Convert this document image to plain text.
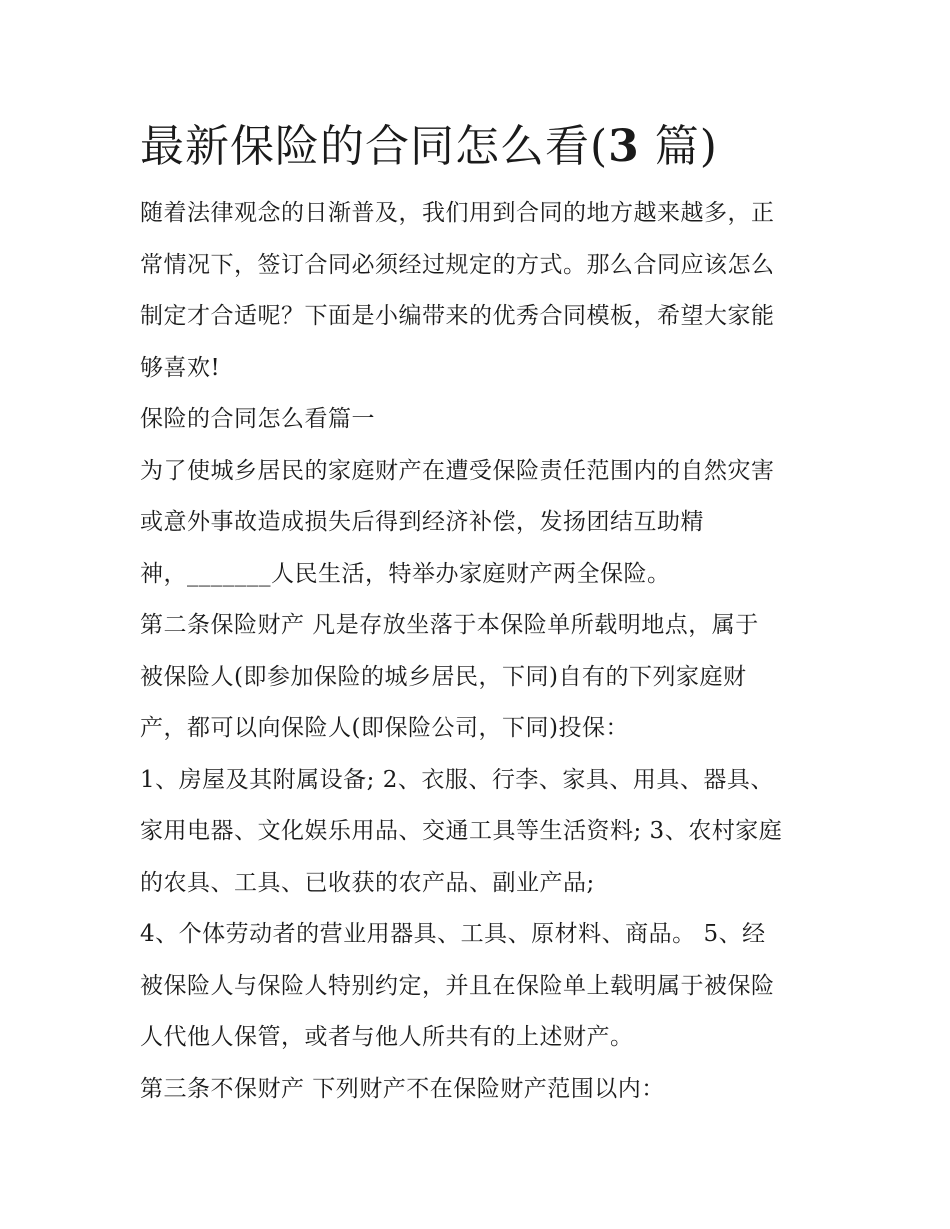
最新保险的合同怎么看(3 篇)
随着法律观念的日渐普及，我们用到合同的地方越来越多，正
常情况下，签订合同必须经过规定的方式。那么合同应该怎么
制定才合适呢？下面是小编带来的优秀合同模板，希望大家能
够喜欢!
保险的合同怎么看篇一
为了使城乡居民的家庭财产在遭受保险责任范围内的自然灾害
或意外事故造成损失后得到经济补偿，发扬团结互助精
神，_______人民生活，特举办家庭财产两全保险。
第二条保险财产 凡是存放坐落于本保险单所载明地点，属于
被保险人(即参加保险的城乡居民，下同)自有的下列家庭财
产，都可以向保险人(即保险公司，下同)投保：
1、房屋及其附属设备; 2、衣服、行李、家具、用具、器具、
家用电器、文化娱乐用品、交通工具等生活资料; 3、农村家庭
的农具、工具、已收获的农产品、副业产品;
4、个体劳动者的营业用器具、工具、原材料、商品。 5、经
被保险人与保险人特别约定，并且在保险单上载明属于被保险
人代他人保管，或者与他人所共有的上述财产。
第三条不保财产 下列财产不在保险财产范围以内：
